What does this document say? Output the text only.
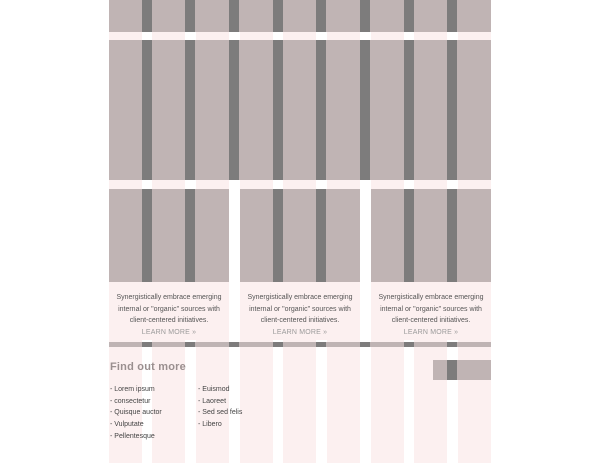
Synergistically embrace emerging
internal or "organic" sources with
client-centered initiatives.
LEARN MORE »
Synergistically embrace emerging
internal or "organic" sources with
client-centered initiatives.
LEARN MORE »
Synergistically embrace emerging
internal or "organic" sources with
client-centered initiatives.
LEARN MORE »
Find out more
- Lorem ipsum
- consectetur
- Quisque auctor
- Vulputate
- Pellentesque
- Euismod
- Laoreet
- Sed sed felis
- Libero
